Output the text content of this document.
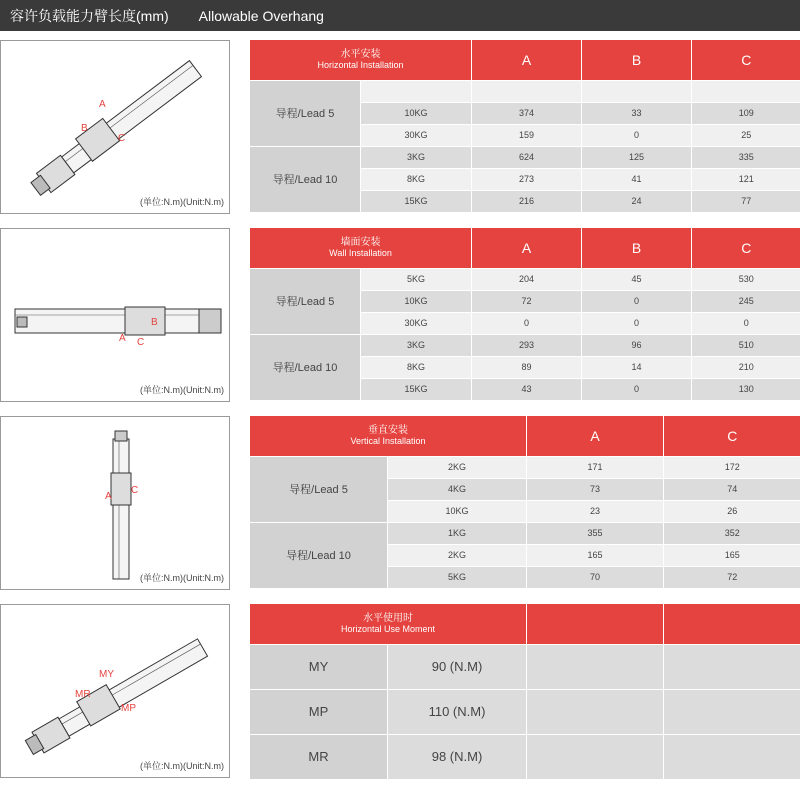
容许负载能力臂长度(mm) Allowable Overhang
A
B
C
(单位:N.m)(Unit:N.m)
水平安装
Horizontal Installation		A	B	C
导程/Lead 5				
	10KG	374	33	109
	30KG	159	0	25
导程/Lead 10	3KG	624	125	335
	8KG	273	41	121
	15KG	216	24	77
A
B
C
(单位:N.m)(Unit:N.m)
墙面安装
Wall Installation		A	B	C
导程/Lead 5	5KG	204	45	530
	10KG	72	0	245
	30KG	0	0	0
导程/Lead 10	3KG	293	96	510
	8KG	89	14	210
	15KG	43	0	130
A
C
(单位:N.m)(Unit:N.m)
垂直安装
Vertical Installation		A	C
导程/Lead 5	2KG	171	172
	4KG	73	74
	10KG	23	26
导程/Lead 10	1KG	355	352
	2KG	165	165
	5KG	70	72
MY
MR
MP
(单位:N.m)(Unit:N.m)
水平使用时
Horizontal Use Moment			

MY	90 (N.M)		
MP	110 (N.M)		
MR	98 (N.M)		
